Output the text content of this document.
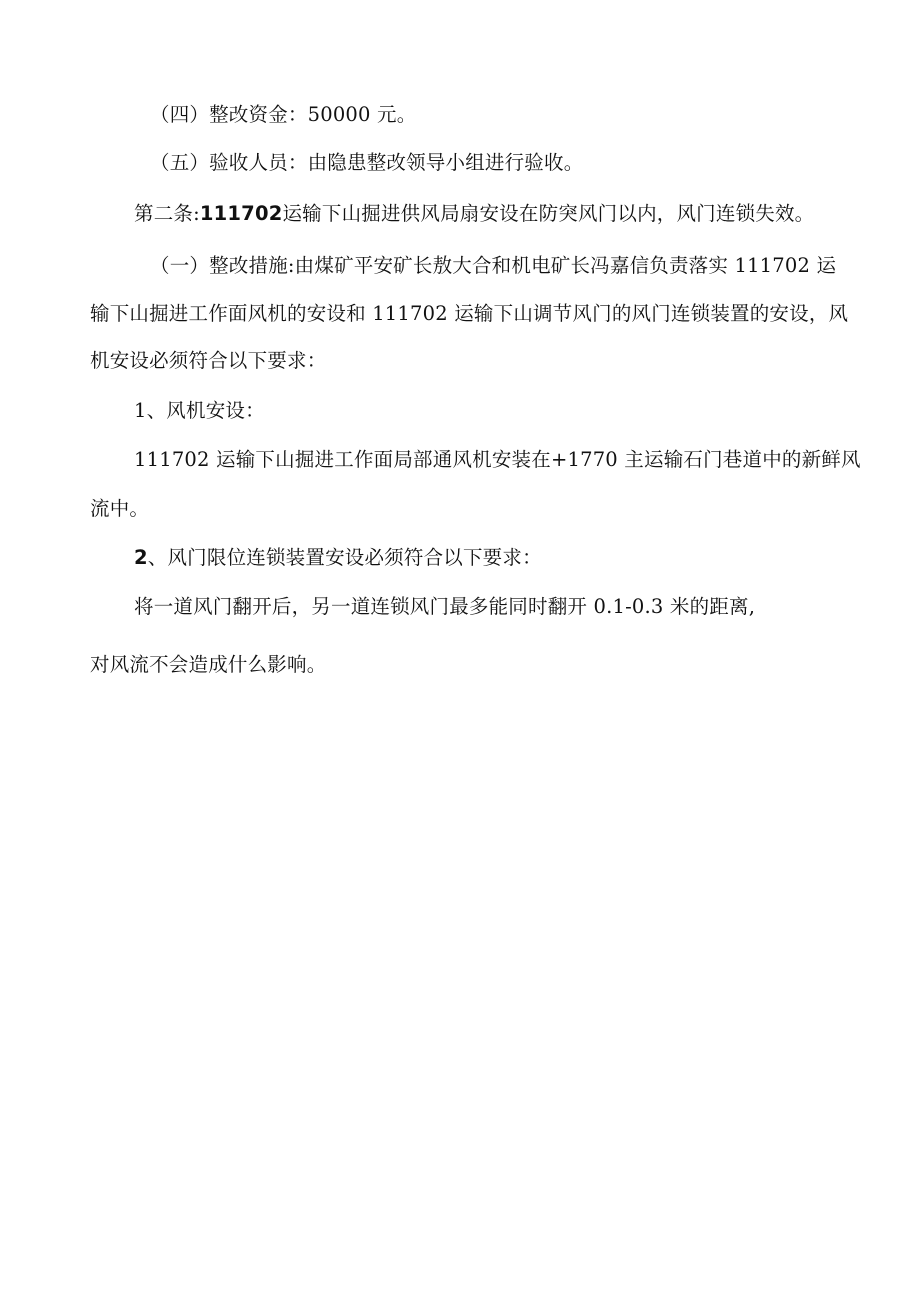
（四）整改资金：50000 元。
（五）验收人员：由隐患整改领导小组进行验收。
第二条:111702运输下山掘进供风局扇安设在防突风门以内，风门连锁失效。
（一）整改措施:由煤矿平安矿长敖大合和机电矿长冯嘉信负责落实 111702 运
输下山掘进工作面风机的安设和 111702 运输下山调节风门的风门连锁装置的安设，风
机安设必须符合以下要求：
1、风机安设：
111702 运输下山掘进工作面局部通风机安装在+1770 主运输石门巷道中的新鲜风
流中。
2、风门限位连锁装置安设必须符合以下要求：
将一道风门翻开后，另一道连锁风门最多能同时翻开 0.1-0.3 米的距离,
对风流不会造成什么影响。
